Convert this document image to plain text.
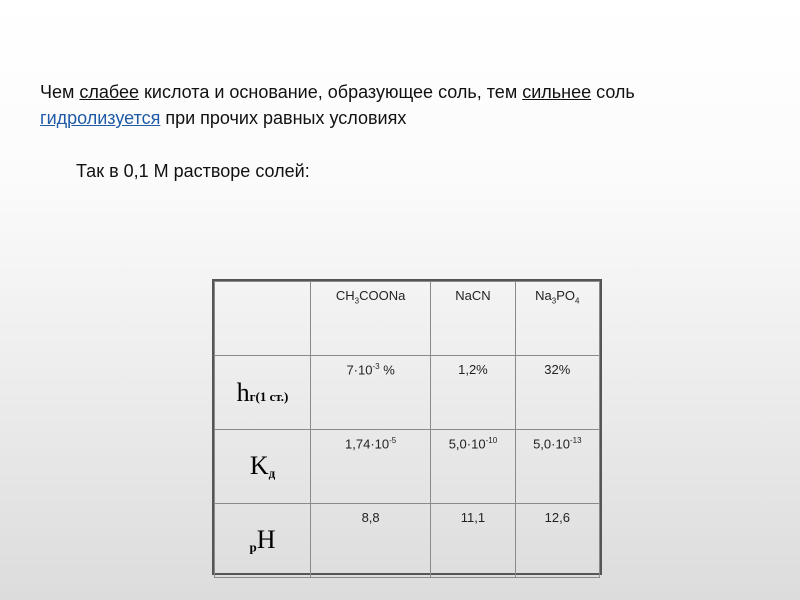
Чем слабее кислота и основание, образующее соль, тем сильнее соль гидролизуется при прочих равных условиях
Так в 0,1 М растворе солей:

	$CH_3COONa$	NaCN	$Na_3PO_4$

hг(1 ст.)	$7\cdot 10^{-3}$ %	1,2%	32%

$K_д$	$1,74\cdot 10^{-5}$	$5,0\cdot 10^{-10}$	$5,0\cdot 10^{-13}$

$_р$H	8,8	11,1	12,6
